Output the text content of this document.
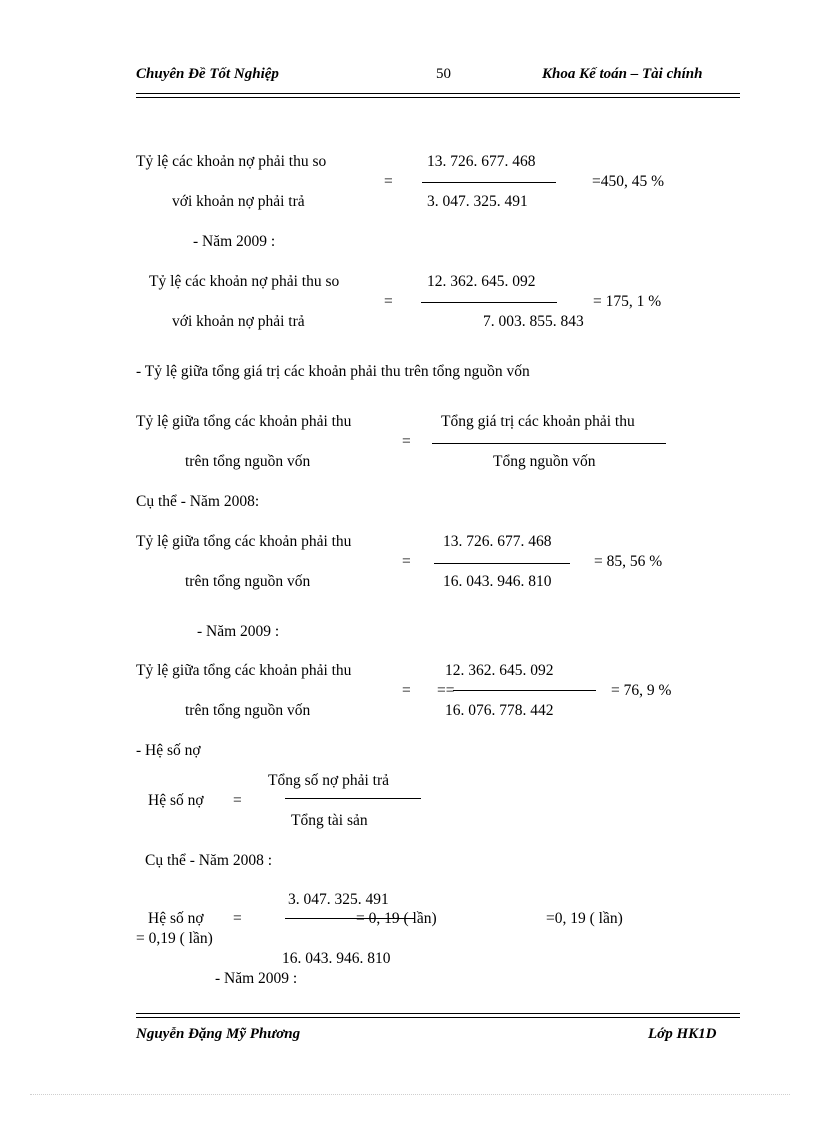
Chuyên Đề Tốt Nghiệp	50	Khoa Kế toán – Tài chính
Tỷ lệ các khoản nợ phải thu so
với khoản nợ phải trả
=
13. 726. 677. 468
3. 047. 325. 491
=450, 45 %
- Năm 2009 :
Tỷ lệ các khoản nợ phải thu so
với khoản nợ phải trả
=
12. 362. 645. 092
7. 003. 855. 843
= 175, 1 %
- Tỷ lệ giữa tổng giá trị các khoản phải thu trên tổng nguồn vốn
Tỷ lệ giữa tổng các khoản phải thu
trên tổng nguồn vốn
=
Tổng giá trị các khoản phải thu
Tổng nguồn vốn
Cụ thể - Năm 2008:
Tỷ lệ giữa tổng các khoản phải thu
trên tổng nguồn vốn
=
13. 726. 677. 468
16. 043. 946. 810
= 85, 56 %
- Năm 2009 :
Tỷ lệ giữa tổng các khoản phải thu
trên tổng nguồn vốn
= ==
12. 362. 645. 092
16. 076. 778. 442
= 76, 9 %
- Hệ số nợ
Tổng số nợ phải trả
Hệ số nợ =
Tổng tài sản
Cụ thể - Năm 2008 :
3. 047. 325. 491
Hệ số nợ =	= 0, 19 ( lần)	=0, 19 ( lần)
= 0,19 ( lần)
16. 043. 946. 810
- Năm 2009 :
Nguyễn Đặng Mỹ Phương	Lớp HK1D
